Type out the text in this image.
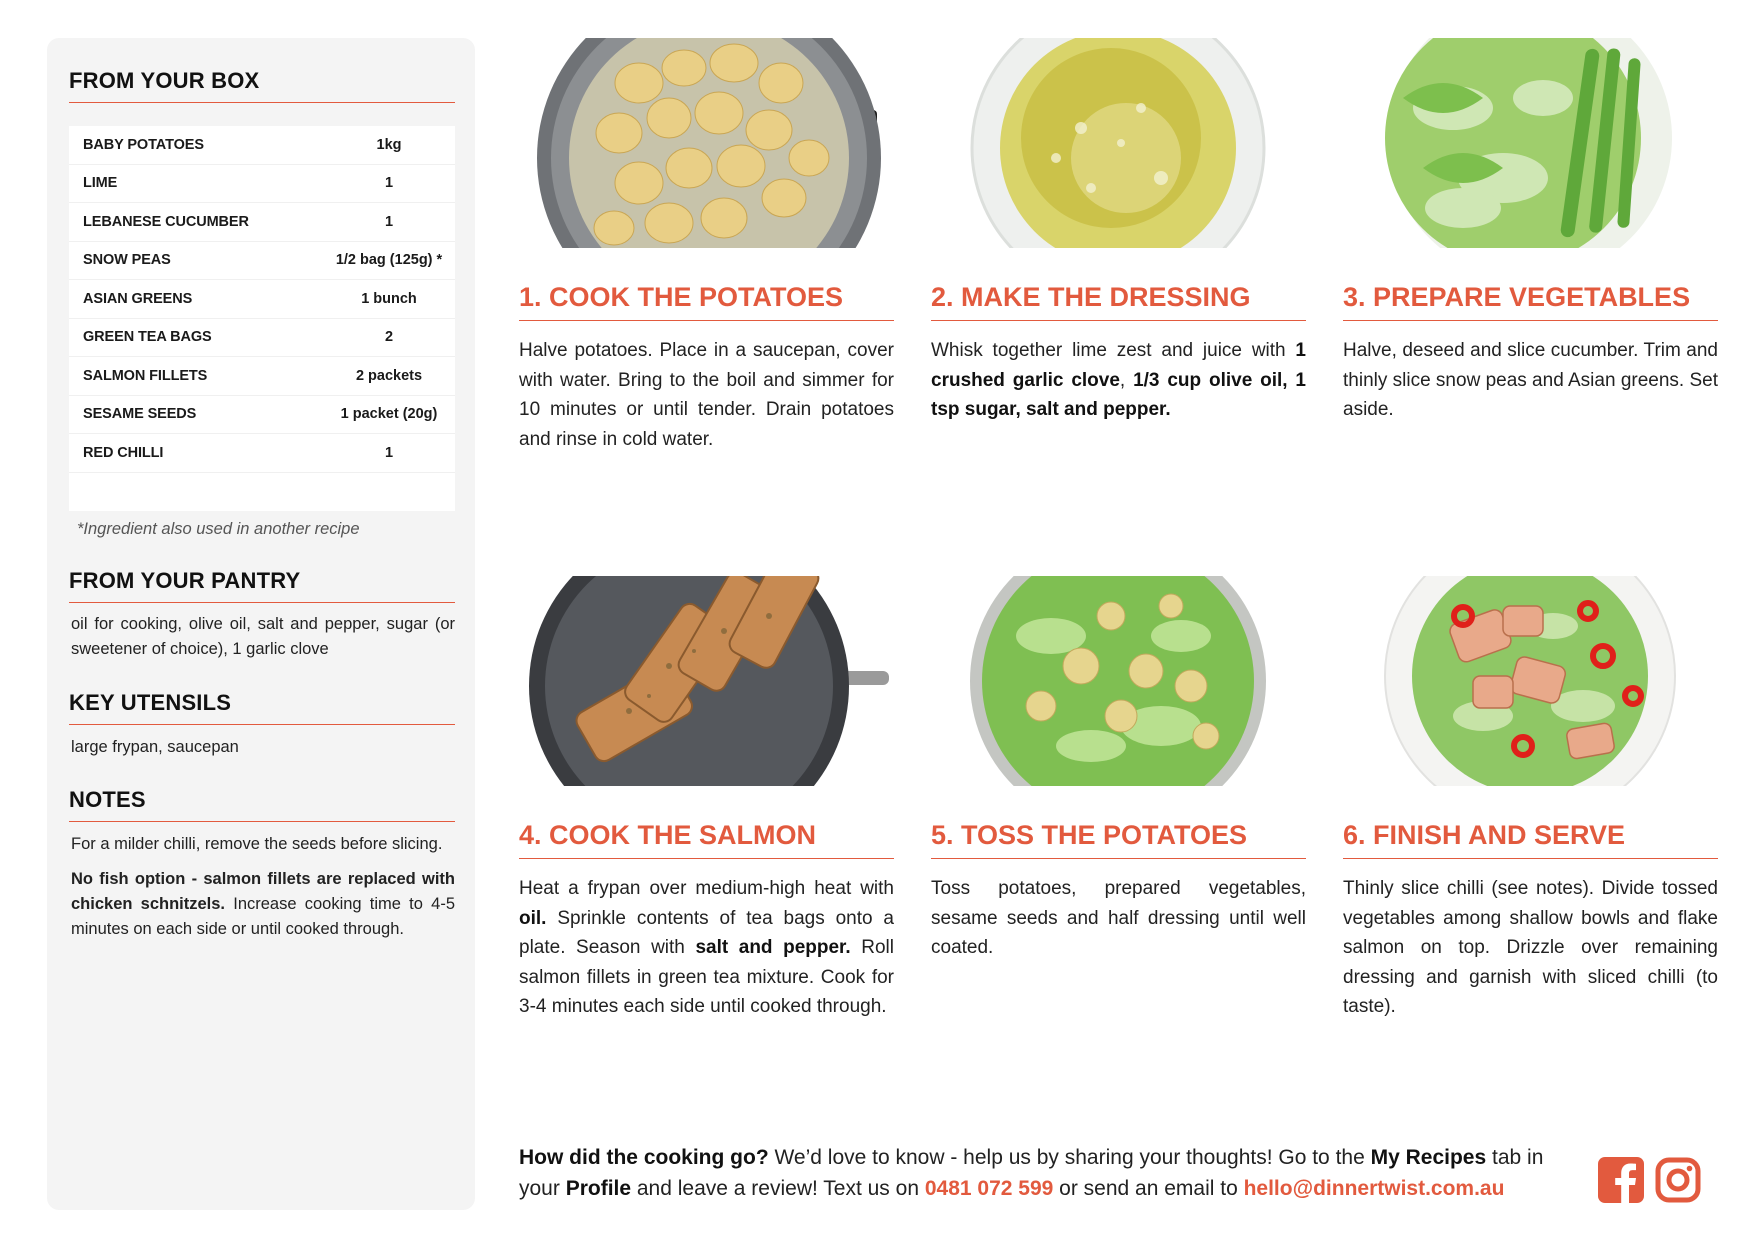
FROM YOUR BOX
BABY POTATOES	1kg
LIME	1
LEBANESE CUCUMBER	1
SNOW PEAS	1/2 bag (125g) *
ASIAN GREENS	1 bunch
GREEN TEA BAGS	2
SALMON FILLETS	2 packets
SESAME SEEDS	1 packet (20g)
RED CHILLI	1
*Ingredient also used in another recipe
FROM YOUR PANTRY
oil for cooking, olive oil, salt and pepper, sugar (or sweetener of choice), 1 garlic clove
KEY UTENSILS
large frypan, saucepan
NOTES

For a milder chilli, remove the seeds before slicing.

No fish option - salmon fillets are replaced with chicken schnitzels. Increase cooking time to 4-5 minutes on each side or until cooked through.

1. COOK THE POTATOES
Halve potatoes. Place in a saucepan, cover with water. Bring to the boil and simmer for 10 minutes or until tender. Drain potatoes and rinse in cold water.
2. MAKE THE DRESSING
Whisk together lime zest and juice with 1 crushed garlic clove, 1/3 cup olive oil, 1 tsp sugar, salt and pepper.
3. PREPARE VEGETABLES
Halve, deseed and slice cucumber. Trim and thinly slice snow peas and Asian greens. Set aside.
4. COOK THE SALMON
Heat a frypan over medium-high heat with oil. Sprinkle contents of tea bags onto a plate. Season with salt and pepper. Roll salmon fillets in green tea mixture. Cook for 3-4 minutes each side until cooked through.
5. TOSS THE POTATOES
Toss potatoes, prepared vegetables, sesame seeds and half dressing until well coated.
6. FINISH AND SERVE
Thinly slice chilli (see notes). Divide tossed vegetables among shallow bowls and flake salmon on top. Drizzle over remaining dressing and garnish with sliced chilli (to taste).
How did the cooking go? We’d love to know - help us by sharing your thoughts! Go to the My Recipes tab in your Profile and leave a review! Text us on 0481 072 599 or send an email to hello@dinnertwist.com.au
